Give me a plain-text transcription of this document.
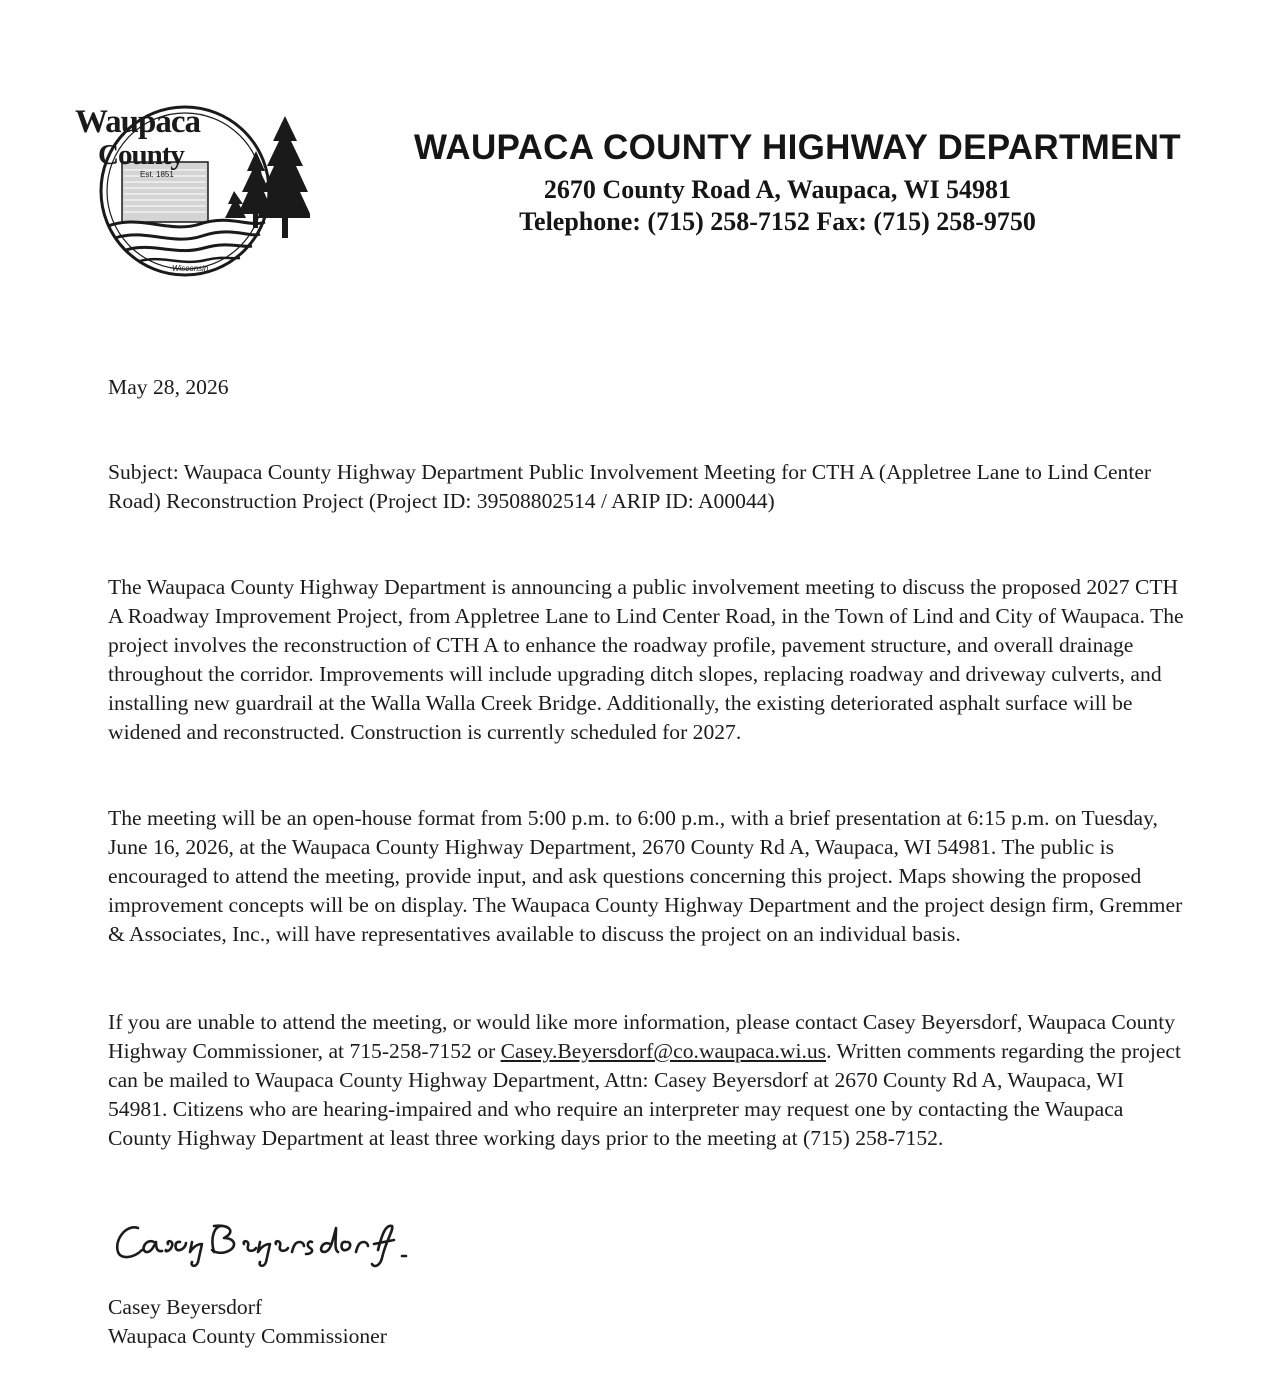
Waupaca
County
Est. 1851
Wisconsin
WAUPACA COUNTY HIGHWAY DEPARTMENT
2670 County Road A, Waupaca, WI 54981
Telephone: (715) 258-7152 Fax: (715) 258-9750
May 28, 2026

Subject: Waupaca County Highway Department Public Involvement Meeting for CTH A (Appletree Lane to Lind Center Road) Reconstruction Project (Project ID: 39508802514 / ARIP ID: A00044)

The Waupaca County Highway Department is announcing a public involvement meeting to discuss the proposed 2027 CTH A Roadway Improvement Project, from Appletree Lane to Lind Center Road, in the Town of Lind and City of Waupaca. The project involves the reconstruction of CTH A to enhance the roadway profile, pavement structure, and overall drainage throughout the corridor. Improvements will include upgrading ditch slopes, replacing roadway and driveway culverts, and installing new guardrail at the Walla Walla Creek Bridge. Additionally, the existing deteriorated asphalt surface will be widened and reconstructed. Construction is currently scheduled for 2027.

The meeting will be an open-house format from 5:00 p.m. to 6:00 p.m., with a brief presentation at 6:15 p.m. on Tuesday, June 16, 2026, at the Waupaca County Highway Department, 2670 County Rd A, Waupaca, WI 54981. The public is encouraged to attend the meeting, provide input, and ask questions concerning this project. Maps showing the proposed improvement concepts will be on display. The Waupaca County Highway Department and the project design firm, Gremmer & Associates, Inc., will have representatives available to discuss the project on an individual basis.

If you are unable to attend the meeting, or would like more information, please contact Casey Beyersdorf, Waupaca County Highway Commissioner, at 715-258-7152 or Casey.Beyersdorf@co.waupaca.wi.us. Written comments regarding the project can be mailed to Waupaca County Highway Department, Attn: Casey Beyersdorf at 2670 County Rd A, Waupaca, WI 54981. Citizens who are hearing-impaired and who require an interpreter may request one by contacting the Waupaca County Highway Department at least three working days prior to the meeting at (715) 258-7152.

Casey Beyersdorf
Waupaca County Commissioner
